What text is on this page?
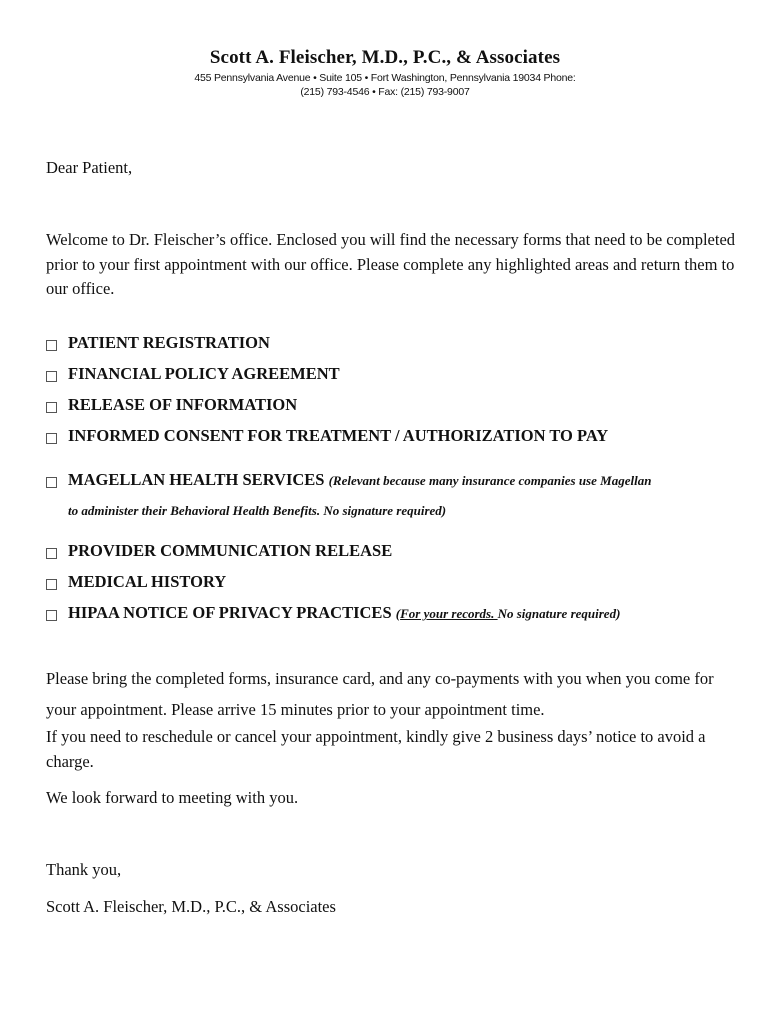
Scott A. Fleischer, M.D., P.C., & Associates
455 Pennsylvania Avenue • Suite 105 • Fort Washington, Pennsylvania 19034 Phone:
(215) 793-4546 • Fax: (215) 793-9007
Dear Patient,
Welcome to Dr. Fleischer’s office. Enclosed you will find the necessary forms that need to be completed prior to your first appointment with our office. Please complete any highlighted areas and return them to our office.
PATIENT REGISTRATION
FINANCIAL POLICY AGREEMENT
RELEASE OF INFORMATION
INFORMED CONSENT FOR TREATMENT / AUTHORIZATION TO PAY
MAGELLAN HEALTH SERVICES (Relevant because many insurance companies use Magellan
to administer their Behavioral Health Benefits. No signature required)
PROVIDER COMMUNICATION RELEASE
MEDICAL HISTORY
HIPAA NOTICE OF PRIVACY PRACTICES (For your records. No signature required)
Please bring the completed forms, insurance card, and any co-payments with you when you come for your appointment. Please arrive 15 minutes prior to your appointment time.
If you need to reschedule or cancel your appointment, kindly give 2 business days’ notice to avoid a charge.
We look forward to meeting with you.
Thank you,
Scott A. Fleischer, M.D., P.C., & Associates
